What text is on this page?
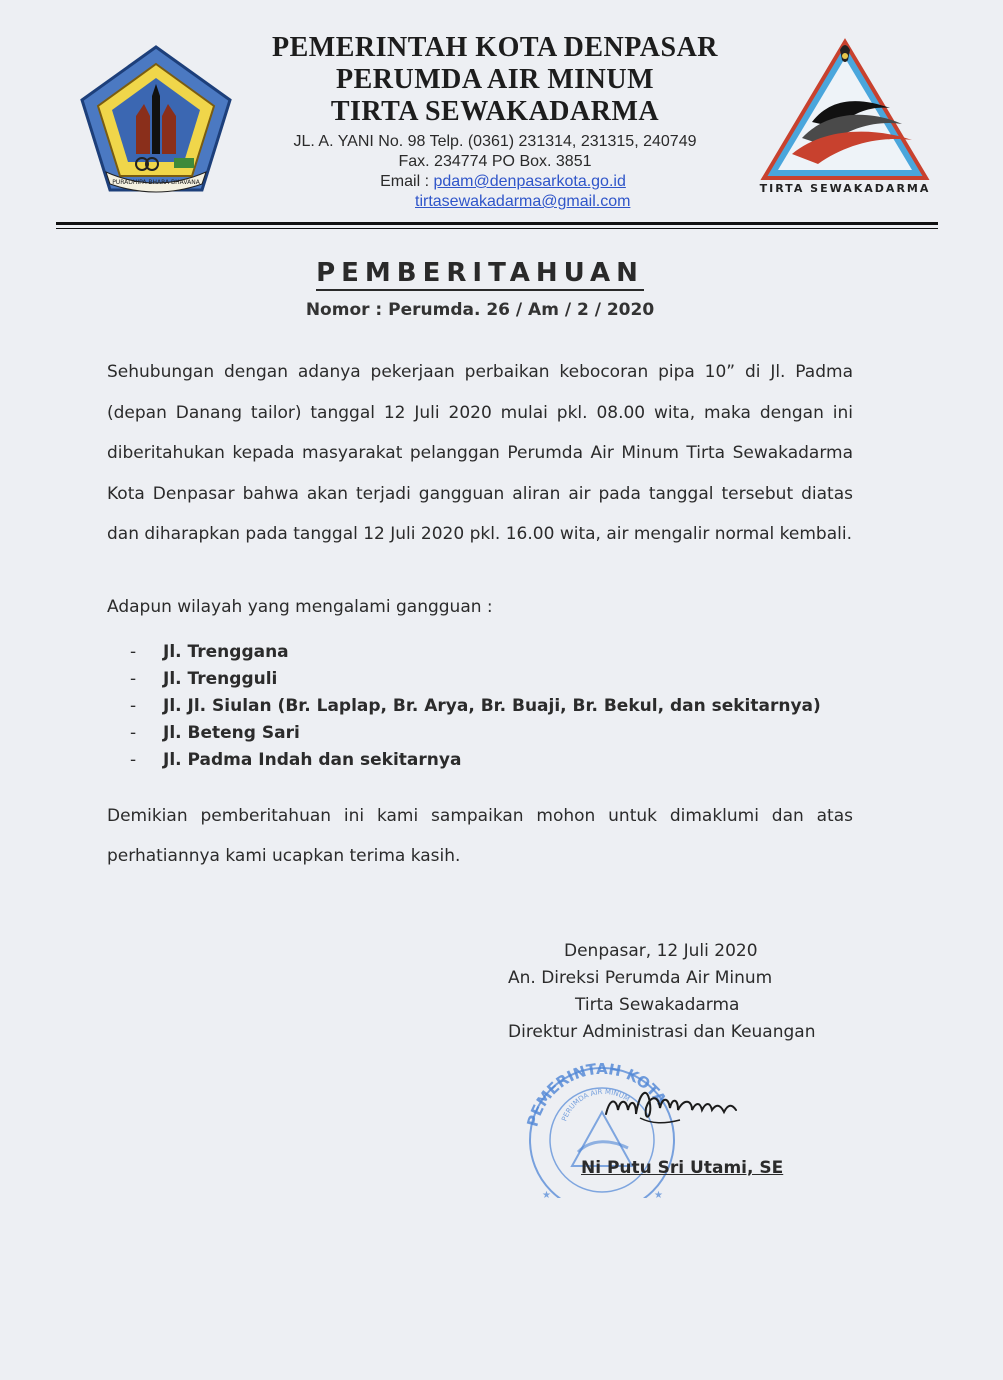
PURADHIPA BHARA BHAVANA
PEMERINTAH KOTA DENPASAR
PERUMDA AIR MINUM
TIRTA SEWAKADARMA
JL. A. YANI No. 98 Telp. (0361) 231314, 231315, 240749
Fax. 234774 PO Box. 3851
Email : pdam@denpasarkota.go.id
tirtasewakadarma@gmail.com
TIRTA SEWAKADARMA
PEMBERITAHUAN
Nomor : Perumda. 26 / Am / 2 / 2020
Sehubungan dengan adanya pekerjaan perbaikan kebocoran pipa 10” di Jl. Padma (depan Danang tailor) tanggal 12 Juli 2020 mulai pkl. 08.00 wita, maka dengan ini diberitahukan kepada masyarakat pelanggan Perumda Air Minum Tirta Sewakadarma Kota Denpasar bahwa akan terjadi gangguan aliran air pada tanggal tersebut diatas dan diharapkan pada tanggal 12 Juli 2020 pkl. 16.00 wita, air mengalir normal kembali.
Adapun wilayah yang mengalami gangguan :
- Jl. Trenggana
- Jl. Trengguli
- Jl. Jl. Siulan (Br. Laplap, Br. Arya, Br. Buaji, Br. Bekul, dan sekitarnya)
- Jl. Beteng Sari
- Jl. Padma Indah dan sekitarnya
Demikian pemberitahuan ini kami sampaikan mohon untuk dimaklumi dan atas perhatiannya kami ucapkan terima kasih.
Denpasar, 12 Juli 2020
An. Direksi Perumda Air Minum
Tirta Sewakadarma
Direktur Administrasi dan Keuangan
PEMERINTAH KOTA
PERUMDA AIR MINUM
★	★
Ni Putu Sri Utami, SE
